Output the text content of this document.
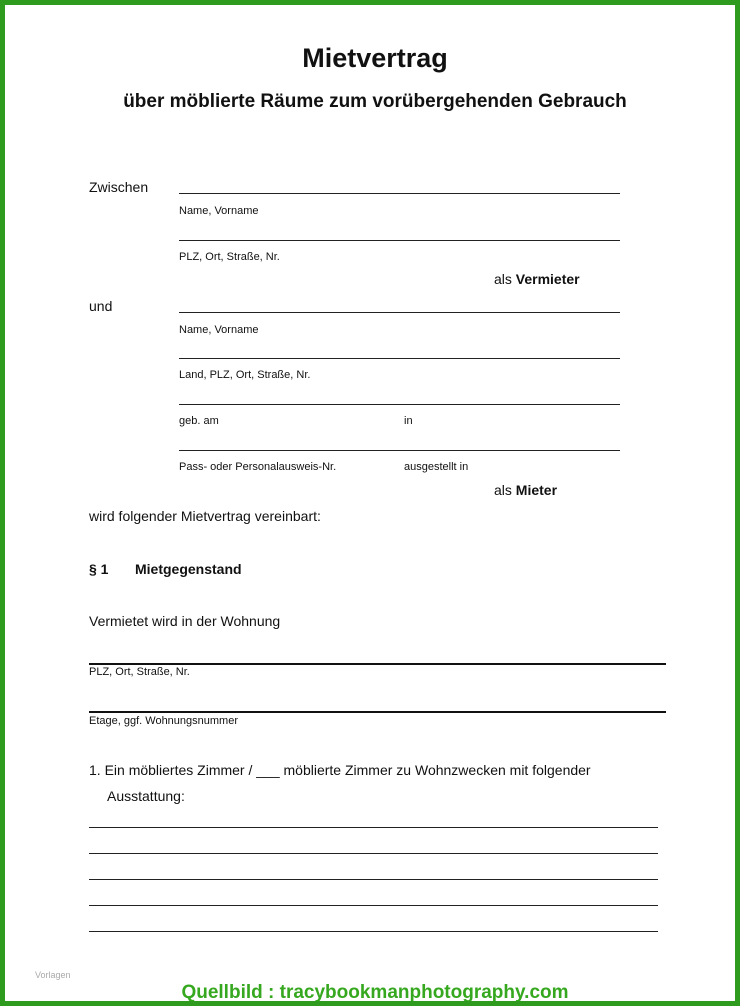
Mietvertrag
über möblierte Räume zum vorübergehenden Gebrauch
Zwischen
Name, Vorname
PLZ, Ort, Straße, Nr.
als Vermieter
und
Name, Vorname
Land, PLZ, Ort, Straße, Nr.
geb. am	in
Pass- oder Personalausweis-Nr.	ausgestellt in
als Mieter
wird folgender Mietvertrag vereinbart:
§ 1 Mietgegenstand
Vermietet wird in der Wohnung
PLZ, Ort, Straße, Nr.
Etage, ggf. Wohnungsnummer
1. Ein möbliertes Zimmer / ___ möblierte Zimmer zu Wohnzwecken mit folgender
Ausstattung:
Vorlagen
Quellbild : tracybookmanphotography.com
